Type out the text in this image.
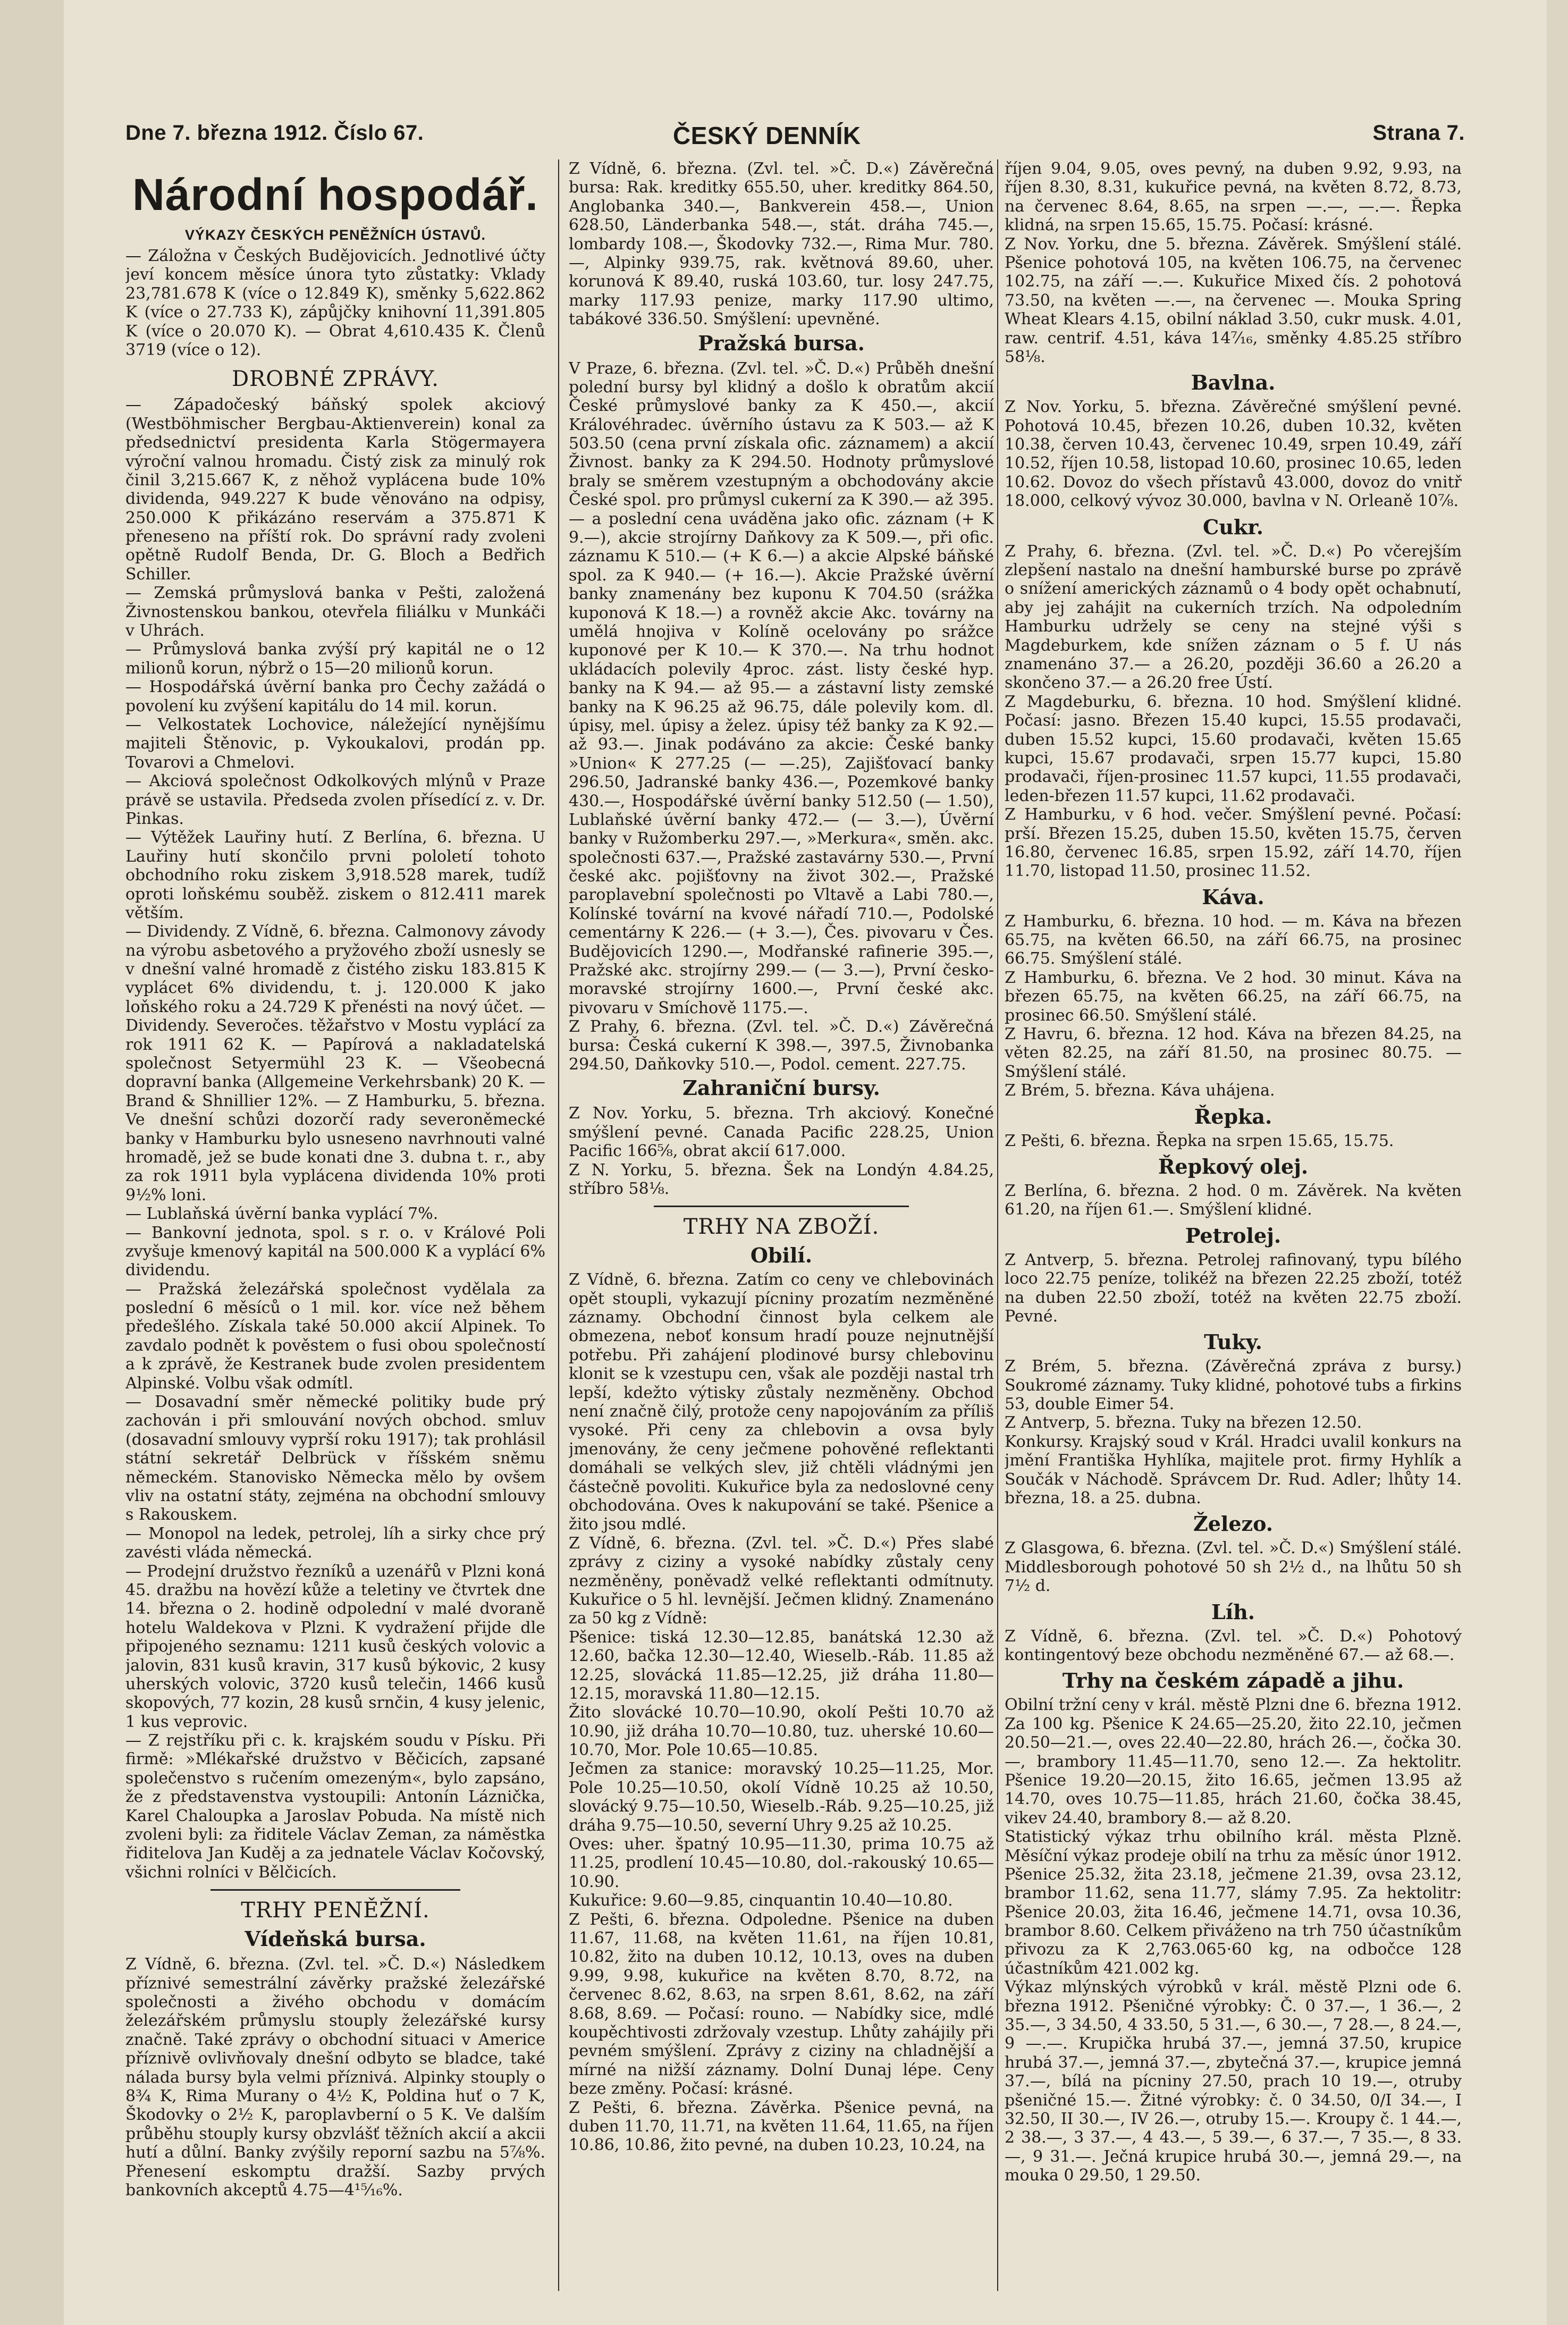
Dne 7. března 1912. Číslo 67.	ČESKÝ DENNÍK	Strana 7.
Národní hospodář.
VÝKAZY ČESKÝCH PENĚŽNÍCH ÚSTAVŮ.

— Záložna v Českých Budějovicích. Jednotlivé účty jeví koncem měsíce února tyto zůstatky: Vklady 23,781.678 K (více o 12.849 K), směnky 5,622.862 K (více o 27.733 K), zápůjčky knihovní 11,391.805 K (více o 20.070 K). — Obrat 4,610.435 K. Členů 3719 (více o 12).

DROBNÉ ZPRÁVY.

— Západočeský báňský spolek akciový (Westböhmischer Bergbau-Aktienverein) konal za předsednictví presidenta Karla Stögermayera výroční valnou hromadu. Čistý zisk za minulý rok činil 3,215.667 K, z něhož vyplácena bude 10% dividenda, 949.227 K bude věnováno na odpisy, 250.000 K přikázáno reservám a 375.871 K přeneseno na příští rok. Do správní rady zvoleni opětně Rudolf Benda, Dr. G. Bloch a Bedřich Schiller.

— Zemská průmyslová banka v Pešti, založená Živnostenskou bankou, otevřela filiálku v Munkáči v Uhrách.

— Průmyslová banka zvýší prý kapitál ne o 12 milionů korun, nýbrž o 15—20 milionů korun.

— Hospodářská úvěrní banka pro Čechy zažádá o povolení ku zvýšení kapitálu do 14 mil. korun.

— Velkostatek Lochovice, náležející nynějšímu majiteli Štěnovic, p. Vykoukalovi, prodán pp. Tovarovi a Chmelovi.

— Akciová společnost Odkolkových mlýnů v Praze právě se ustavila. Předseda zvolen přísedící z. v. Dr. Pinkas.

— Výtěžek Lauřiny hutí. Z Berlína, 6. března. U Lauřiny hutí skončilo prvni pololetí tohoto obchodního roku ziskem 3,918.528 marek, tudíž oproti loňskému souběž. ziskem o 812.411 marek větším.

— Dividendy. Z Vídně, 6. března. Calmonovy závody na výrobu asbetového a pryžového zboží usnesly se v dnešní valné hromadě z čistého zisku 183.815 K vyplácet 6% dividendu, t. j. 120.000 K jako loňského roku a 24.729 K přenésti na nový účet. — Dividendy. Severočes. těžařstvo v Mostu vyplácí za rok 1911 62 K. — Papírová a nakladatelská společnost Setyermühl 23 K. — Všeobecná dopravní banka (Allgemeine Verkehrsbank) 20 K. — Brand & Shnillier 12%. — Z Hamburku, 5. března. Ve dnešní schůzi dozorčí rady severoněmecké banky v Hamburku bylo usneseno navrhnouti valné hromadě, jež se bude konati dne 3. dubna t. r., aby za rok 1911 byla vyplácena dividenda 10% proti 9½% loni.

— Lublaňská úvěrní banka vyplácí 7%.

— Bankovní jednota, spol. s r. o. v Králové Poli zvyšuje kmenový kapitál na 500.000 K a vyplácí 6% dividendu.

— Pražská železářská společnost vydělala za poslední 6 měsíců o 1 mil. kor. více než během předešlého. Získala také 50.000 akcií Alpinek. To zavdalo podnět k pověstem o fusi obou společností a k zprávě, že Kestranek bude zvolen presidentem Alpinské. Volbu však odmítl.

— Dosavadní směr německé politiky bude prý zachován i při smlouvání nových obchod. smluv (dosavadní smlouvy vyprší roku 1917); tak prohlásil státní sekretář Delbrück v říšském sněmu německém. Stanovisko Německa mělo by ovšem vliv na ostatní státy, zejména na obchodní smlouvy s Rakouskem.

— Monopol na ledek, petrolej, líh a sirky chce prý zavésti vláda německá.

— Prodejní družstvo řezníků a uzenářů v Plzni koná 45. dražbu na hovězí kůže a teletiny ve čtvrtek dne 14. března o 2. hodině odpolední v malé dvoraně hotelu Waldekova v Plzni. K vydražení přijde dle připojeného seznamu: 1211 kusů českých volovic a jalovin, 831 kusů kravin, 317 kusů býkovic, 2 kusy uherských volovic, 3720 kusů telečin, 1466 kusů skopových, 77 kozin, 28 kusů srnčin, 4 kusy jelenic, 1 kus veprovic.

— Z rejstříku při c. k. krajském soudu v Písku. Při firmě: »Mlékařské družstvo v Běčicích, zapsané společenstvo s ručením omezeným«, bylo zapsáno, že z představenstva vystoupili: Antonín Láznička, Karel Chaloupka a Jaroslav Pobuda. Na místě nich zvoleni byli: za řiditele Václav Zeman, za náměstka řiditelova Jan Kuděj a za jednatele Václav Kočovský, všichni rolníci v Bělčicích.

TRHY PENĚŽNÍ.
Vídeňská bursa.

Z Vídně, 6. března. (Zvl. tel. »Č. D.«) Následkem příznivé semestrální závěrky pražské železářské společnosti a živého obchodu v domácím železářském průmyslu stouply železářské kursy značně. Také zprávy o obchodní situaci v Americe příznivě ovlivňovaly dnešní odbyto se bladce, také nálada bursy byla velmi příznivá. Alpinky stouply o 8¾ K, Rima Murany o 4½ K, Poldina huť o 7 K, Škodovky o 2½ K, paroplavberní o 5 K. Ve dalším průběhu stouply kursy obzvlášť těžních akcií a akcii hutí a důlní. Banky zvýšily reporní sazbu na 5⅞%. Přenesení eskomptu dražší. Sazby prvých bankovních akceptů 4.75—4¹⁵⁄₁₆%.

Z Vídně, 6. března. (Zvl. tel. »Č. D.«) Závěrečná bursa: Rak. kreditky 655.50, uher. kreditky 864.50, Anglobanka 340.—, Bankverein 458.—, Union 628.50, Länderbanka 548.—, stát. dráha 745.—, lombardy 108.—, Škodovky 732.—, Rima Mur. 780.—, Alpinky 939.75, rak. květnová 89.60, uher. korunová K 89.40, ruská 103.60, tur. losy 247.75, marky 117.93 penize, marky 117.90 ultimo, tabákové 336.50. Smýšlení: upevněné.

Pražská bursa.

V Praze, 6. března. (Zvl. tel. »Č. D.«) Průběh dnešní polední bursy byl klidný a došlo k obratům akcií České průmyslové banky za K 450.—, akcií Královéhradec. úvěrního ústavu za K 503.— až K 503.50 (cena první získala ofic. záznamem) a akcií Živnost. banky za K 294.50. Hodnoty průmyslové braly se směrem vzestupným a obchodovány akcie České spol. pro průmysl cukerní za K 390.— až 395.— a poslední cena uváděna jako ofic. záznam (+ K 9.—), akcie strojírny Daňkovy za K 509.—, při ofic. záznamu K 510.— (+ K 6.—) a akcie Alpské báňské spol. za K 940.— (+ 16.—). Akcie Pražské úvěrní banky znamenány bez kuponu K 704.50 (srážka kuponová K 18.—) a rovněž akcie Akc. továrny na umělá hnojiva v Kolíně ocelovány po srážce kuponové per K 10.— K 370.—. Na trhu hodnot ukládacích polevily 4proc. zást. listy české hyp. banky na K 94.— až 95.— a zástavní listy zemské banky na K 96.25 až 96.75, dále polevily kom. dl. úpisy, mel. úpisy a želez. úpisy též banky za K 92.— až 93.—. Jinak podáváno za akcie: České banky »Union« K 277.25 (— —.25), Zajišťovací banky 296.50, Jadranské banky 436.—, Pozemkové banky 430.—, Hospodářské úvěrní banky 512.50 (— 1.50), Lublaňské úvěrní banky 472.— (— 3.—), Úvěrní banky v Ružomberku 297.—, »Merkura«, směn. akc. společnosti 637.—, Pražské zastavárny 530.—, První české akc. pojišťovny na život 302.—, Pražské paroplavební společnosti po Vltavě a Labi 780.—, Kolínské tovární na kvové nářadí 710.—, Podolské cementárny K 226.— (+ 3.—), Čes. pivovaru v Čes. Budějovicích 1290.—, Modřanské rafinerie 395.—, Pražské akc. strojírny 299.— (— 3.—), První česko-moravské strojírny 1600.—, První české akc. pivovaru v Smíchově 1175.—.

Z Prahy, 6. března. (Zvl. tel. »Č. D.«) Závěrečná bursa: Česká cukerní K 398.—, 397.5, Živnobanka 294.50, Daňkovky 510.—, Podol. cement. 227.75.

Zahraniční bursy.

Z Nov. Yorku, 5. března. Trh akciový. Konečné smýšlení pevné. Canada Pacific 228.25, Union Pacific 166⅝, obrat akcií 617.000.

Z N. Yorku, 5. března. Šek na Londýn 4.84.25, stříbro 58⅛.

TRHY NA ZBOŽÍ.
Obilí.

Z Vídně, 6. března. Zatím co ceny ve chlebovinách opět stoupli, vykazují pícniny prozatím nezměněné záznamy. Obchodní činnost byla celkem ale obmezena, neboť konsum hradí pouze nejnutnější potřebu. Při zahájení plodinové bursy chlebovinu klonit se k vzestupu cen, však ale později nastal trh lepší, kdežto výtisky zůstaly nezměněny. Obchod není značně čilý, protože ceny napojováním za příliš vysoké. Při ceny za chlebovin a ovsa byly jmenovány, že ceny ječmene pohověné reflektanti domáhali se velkých slev, již chtěli vládnými jen částečně povoliti. Kukuřice byla za nedoslovné ceny obchodována. Oves k nakupování se také. Pšenice a žito jsou mdlé.

Z Vídně, 6. března. (Zvl. tel. »Č. D.«) Přes slabé zprávy z ciziny a vysoké nabídky zůstaly ceny nezměněny, poněvadž velké reflektanti odmítnuty. Kukuřice o 5 hl. levnější. Ječmen klidný. Znamenáno za 50 kg z Vídně:

Pšenice: tiská 12.30—12.85, banátská 12.30 až 12.60, bačka 12.30—12.40, Wieselb.-Ráb. 11.85 až 12.25, slovácká 11.85—12.25, již dráha 11.80—12.15, moravská 11.80—12.15.

Žito slovácké 10.70—10.90, okolí Pešti 10.70 až 10.90, již dráha 10.70—10.80, tuz. uherské 10.60—10.70, Mor. Pole 10.65—10.85.

Ječmen za stanice: moravský 10.25—11.25, Mor. Pole 10.25—10.50, okolí Vídně 10.25 až 10.50, slovácký 9.75—10.50, Wieselb.-Ráb. 9.25—10.25, již dráha 9.75—10.50, severní Uhry 9.25 až 10.25.

Oves: uher. špatný 10.95—11.30, prima 10.75 až 11.25, prodlení 10.45—10.80, dol.-rakouský 10.65—10.90.

Kukuřice: 9.60—9.85, cinquantin 10.40—10.80.

Z Pešti, 6. března. Odpoledne. Pšenice na duben 11.67, 11.68, na květen 11.61, na říjen 10.81, 10.82, žito na duben 10.12, 10.13, oves na duben 9.99, 9.98, kukuřice na květen 8.70, 8.72, na červenec 8.62, 8.63, na srpen 8.61, 8.62, na září 8.68, 8.69. — Počasí: rouno. — Nabídky sice, mdlé koupěchtivosti zdržovaly vzestup. Lhůty zahájily při pevném smýšlení. Zprávy z ciziny na chladnější a mírné na nižší záznamy. Dolní Dunaj lépe. Ceny beze změny. Počasí: krásné.

Z Pešti, 6. března. Závěrka. Pšenice pevná, na duben 11.70, 11.71, na květen 11.64, 11.65, na říjen 10.86, 10.86, žito pevné, na duben 10.23, 10.24, na

říjen 9.04, 9.05, oves pevný, na duben 9.92, 9.93, na říjen 8.30, 8.31, kukuřice pevná, na květen 8.72, 8.73, na červenec 8.64, 8.65, na srpen —.—, —.—. Řepka klidná, na srpen 15.65, 15.75. Počasí: krásné.

Z Nov. Yorku, dne 5. března. Závěrek. Smýšlení stálé. Pšenice pohotová 105, na květen 106.75, na červenec 102.75, na září —.—. Kukuřice Mixed čís. 2 pohotová 73.50, na květen —.—, na červenec —. Mouka Spring Wheat Klears 4.15, obilní náklad 3.50, cukr musk. 4.01, raw. centrif. 4.51, káva 14⁷⁄₁₆, směnky 4.85.25 stříbro 58⅛.

Bavlna.

Z Nov. Yorku, 5. března. Závěrečné smýšlení pevné. Pohotová 10.45, březen 10.26, duben 10.32, květen 10.38, červen 10.43, červenec 10.49, srpen 10.49, září 10.52, říjen 10.58, listopad 10.60, prosinec 10.65, leden 10.62. Dovoz do všech přístavů 43.000, dovoz do vnitř 18.000, celkový vývoz 30.000, bavlna v N. Orleaně 10⅞.

Cukr.

Z Prahy, 6. března. (Zvl. tel. »Č. D.«) Po včerejším zlepšení nastalo na dnešní hamburské burse po zprávě o snížení amerických záznamů o 4 body opět ochabnutí, aby jej zahájit na cukerních trzích. Na odpoledním Hamburku udržely se ceny na stejné výši s Magdeburkem, kde snížen záznam o 5 f. U nás znamenáno 37.— a 26.20, později 36.60 a 26.20 a skončeno 37.— a 26.20 free Ústí.

Z Magdeburku, 6. března. 10 hod. Smýšlení klidné. Počasí: jasno. Březen 15.40 kupci, 15.55 prodavači, duben 15.52 kupci, 15.60 prodavači, květen 15.65 kupci, 15.67 prodavači, srpen 15.77 kupci, 15.80 prodavači, říjen-prosinec 11.57 kupci, 11.55 prodavači, leden-březen 11.57 kupci, 11.62 prodavači.

Z Hamburku, v 6 hod. večer. Smýšlení pevné. Počasí: prší. Březen 15.25, duben 15.50, květen 15.75, červen 16.80, červenec 16.85, srpen 15.92, září 14.70, říjen 11.70, listopad 11.50, prosinec 11.52.

Káva.

Z Hamburku, 6. března. 10 hod. — m. Káva na březen 65.75, na květen 66.50, na září 66.75, na prosinec 66.75. Smýšlení stálé.

Z Hamburku, 6. března. Ve 2 hod. 30 minut. Káva na březen 65.75, na květen 66.25, na září 66.75, na prosinec 66.50. Smýšlení stálé.

Z Havru, 6. března. 12 hod. Káva na březen 84.25, na věten 82.25, na září 81.50, na prosinec 80.75. — Smýšlení stálé.

Z Brém, 5. března. Káva uhájena.

Řepka.

Z Pešti, 6. března. Řepka na srpen 15.65, 15.75.

Řepkový olej.

Z Berlína, 6. března. 2 hod. 0 m. Závěrek. Na květen 61.20, na říjen 61.—. Smýšlení klidné.

Petrolej.

Z Antverp, 5. března. Petrolej rafinovaný, typu bílého loco 22.75 peníze, tolikéž na březen 22.25 zboží, totéž na duben 22.50 zboží, totéž na květen 22.75 zboží. Pevné.

Tuky.

Z Brém, 5. března. (Závěrečná zpráva z bursy.) Soukromé záznamy. Tuky klidné, pohotové tubs a firkins 53, double Eimer 54.

Z Antverp, 5. března. Tuky na březen 12.50.

Konkursy. Krajský soud v Král. Hradci uvalil konkurs na jmění Františka Hyhlíka, majitele prot. firmy Hyhlík a Součák v Náchodě. Správcem Dr. Rud. Adler; lhůty 14. března, 18. a 25. dubna.

Železo.

Z Glasgowa, 6. března. (Zvl. tel. »Č. D.«) Smýšlení stálé. Middlesborough pohotové 50 sh 2½ d., na lhůtu 50 sh 7½ d.

Líh.

Z Vídně, 6. března. (Zvl. tel. »Č. D.«) Pohotový kontingentový beze obchodu nezměněné 67.— až 68.—.

Trhy na českém západě a jihu.

Obilní tržní ceny v král. městě Plzni dne 6. března 1912. Za 100 kg. Pšenice K 24.65—25.20, žito 22.10, ječmen 20.50—21.—, oves 22.40—22.80, hrách 26.—, čočka 30.—, brambory 11.45—11.70, seno 12.—. Za hektolitr. Pšenice 19.20—20.15, žito 16.65, ječmen 13.95 až 14.70, oves 10.75—11.85, hrách 21.60, čočka 38.45, vikev 24.40, brambory 8.— až 8.20.

Statistický výkaz trhu obilního král. města Plzně. Měsíční výkaz prodeje obilí na trhu za měsíc únor 1912. Pšenice 25.32, žita 23.18, ječmene 21.39, ovsa 23.12, brambor 11.62, sena 11.77, slámy 7.95. Za hektolitr: Pšenice 20.03, žita 16.46, ječmene 14.71, ovsa 10.36, brambor 8.60. Celkem přiváženo na trh 750 účastníkům přivozu za K 2,763.065·60 kg, na odbočce 128 účastníkům 421.002 kg.

Výkaz mlýnských výrobků v král. městě Plzni ode 6. března 1912. Pšeničné výrobky: Č. 0 37.—, 1 36.—, 2 35.—, 3 34.50, 4 33.50, 5 31.—, 6 30.—, 7 28.—, 8 24.—, 9 —.—. Krupička hrubá 37.—, jemná 37.50, krupice hrubá 37.—, jemná 37.—, zbytečná 37.—, krupice jemná 37.—, bílá na pícniny 27.50, prach 10 19.—, otruby pšeničné 15.—. Žitné výrobky: č. 0 34.50, 0/I 34.—, I 32.50, II 30.—, IV 26.—, otruby 15.—. Kroupy č. 1 44.—, 2 38.—, 3 37.—, 4 43.—, 5 39.—, 6 37.—, 7 35.—, 8 33.—, 9 31.—. Ječná krupice hrubá 30.—, jemná 29.—, na mouka 0 29.50, 1 29.50.
